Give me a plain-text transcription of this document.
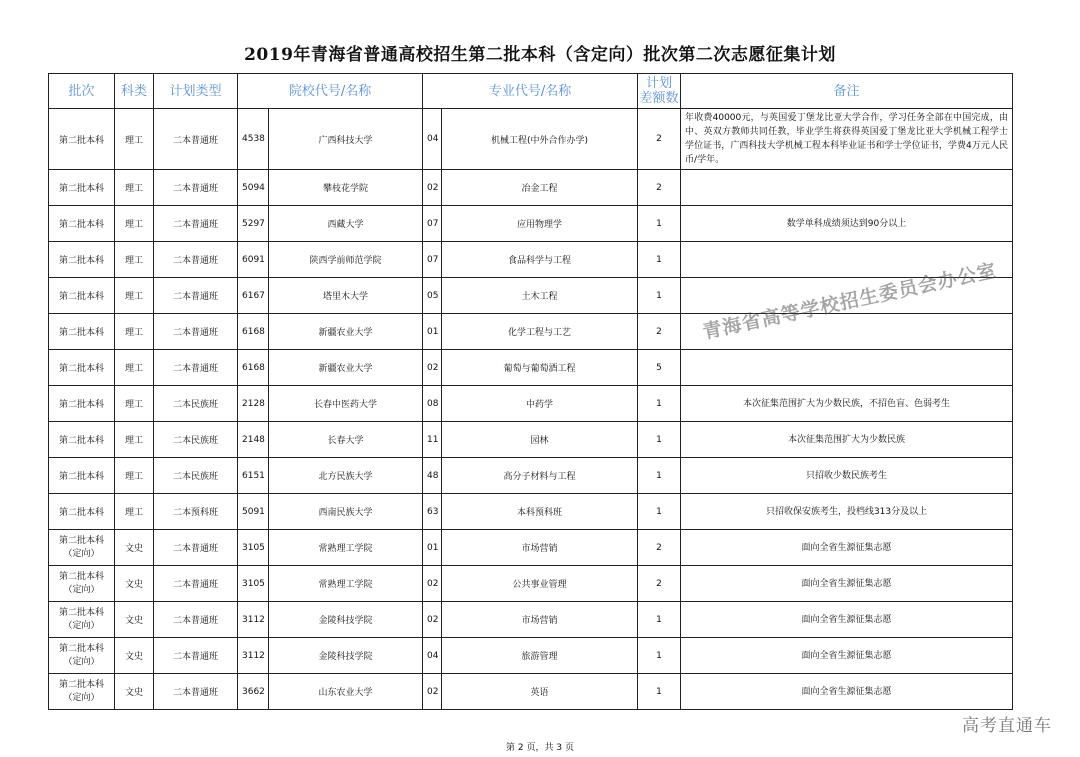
2019年青海省普通高校招生第二批本科（含定向）批次第二次志愿征集计划
批次	科类	计划类型	院校代号/名称		专业代号/名称		计划
差额数	备注
第二批本科	理工	二本普通班	4538	广西科技大学	04	机械工程(中外合作办学)	2	年收费40000元，与英国爱丁堡龙比亚大学合作，学习任务全部在中国完成，由中、英双方教师共同任教，毕业学生将获得英国爱丁堡龙比亚大学机械工程学士学位证书，广西科技大学机械工程本科毕业证书和学士学位证书，学费4万元人民币/学年。
第二批本科	理工	二本普通班	5094	攀枝花学院	02	冶金工程	2	
第二批本科	理工	二本普通班	5297	西藏大学	07	应用物理学	1	数学单科成绩须达到90分以上
第二批本科	理工	二本普通班	6091	陕西学前师范学院	07	食品科学与工程	1	
第二批本科	理工	二本普通班	6167	塔里木大学	05	土木工程	1	
第二批本科	理工	二本普通班	6168	新疆农业大学	01	化学工程与工艺	2	
第二批本科	理工	二本普通班	6168	新疆农业大学	02	葡萄与葡萄酒工程	5	
第二批本科	理工	二本民族班	2128	长春中医药大学	08	中药学	1	本次征集范围扩大为少数民族，不招色盲、色弱考生
第二批本科	理工	二本民族班	2148	长春大学	11	园林	1	本次征集范围扩大为少数民族
第二批本科	理工	二本民族班	6151	北方民族大学	48	高分子材料与工程	1	只招收少数民族考生
第二批本科	理工	二本预科班	5091	西南民族大学	63	本科预科班	1	只招收保安族考生，投档线313分及以上
第二批本科
（定向）	文史	二本普通班	3105	常熟理工学院	01	市场营销	2	面向全省生源征集志愿
第二批本科
（定向）	文史	二本普通班	3105	常熟理工学院	02	公共事业管理	2	面向全省生源征集志愿
第二批本科
（定向）	文史	二本普通班	3112	金陵科技学院	02	市场营销	1	面向全省生源征集志愿
第二批本科
（定向）	文史	二本普通班	3112	金陵科技学院	04	旅游管理	1	面向全省生源征集志愿
第二批本科
（定向）	文史	二本普通班	3662	山东农业大学	02	英语	1	面向全省生源征集志愿
青海省高等学校招生委员会办公室
高考直通车
第 2 页，共 3 页
